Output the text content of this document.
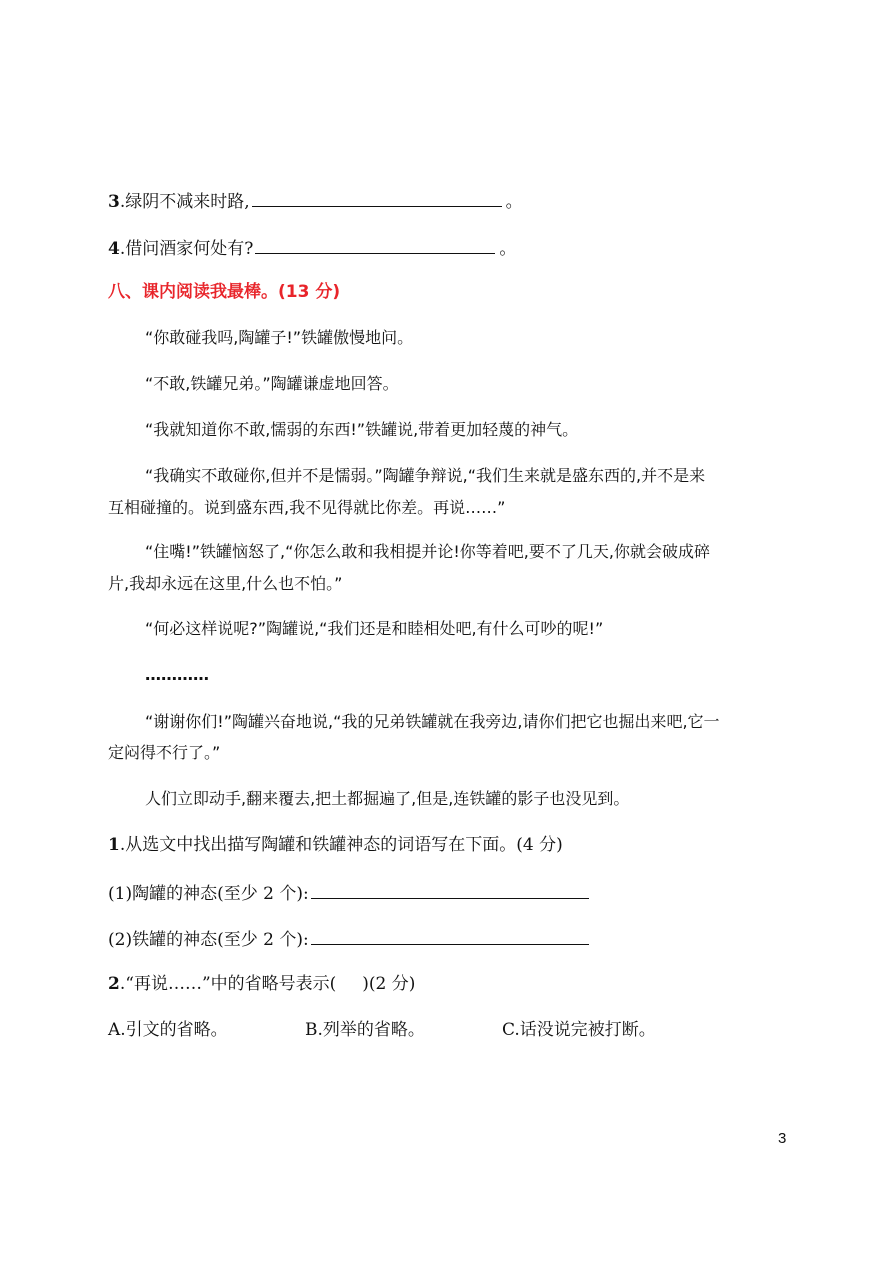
3.绿阴不减来时路,	。
4.借问酒家何处有?	。
八、课内阅读我最棒。(13 分)
“你敢碰我吗,陶罐子!”铁罐傲慢地问。
“不敢,铁罐兄弟。”陶罐谦虚地回答。
“我就知道你不敢,懦弱的东西!”铁罐说,带着更加轻蔑的神气。
“我确实不敢碰你,但并不是懦弱。”陶罐争辩说,“我们生来就是盛东西的,并不是来
互相碰撞的。说到盛东西,我不见得就比你差。再说……”
“住嘴!”铁罐恼怒了,“你怎么敢和我相提并论!你等着吧,要不了几天,你就会破成碎
片,我却永远在这里,什么也不怕。”
“何必这样说呢?”陶罐说,“我们还是和睦相处吧,有什么可吵的呢!”
…………
“谢谢你们!”陶罐兴奋地说,“我的兄弟铁罐就在我旁边,请你们把它也掘出来吧,它一
定闷得不行了。”
人们立即动手,翻来覆去,把土都掘遍了,但是,连铁罐的影子也没见到。
1.从选文中找出描写陶罐和铁罐神态的词语写在下面。(4 分)
(1)陶罐的神态(至少 2 个):
(2)铁罐的神态(至少 2 个):
2.“再说……”中的省略号表示( )(2 分)
A.引文的省略。	B.列举的省略。	C.话没说完被打断。
3
